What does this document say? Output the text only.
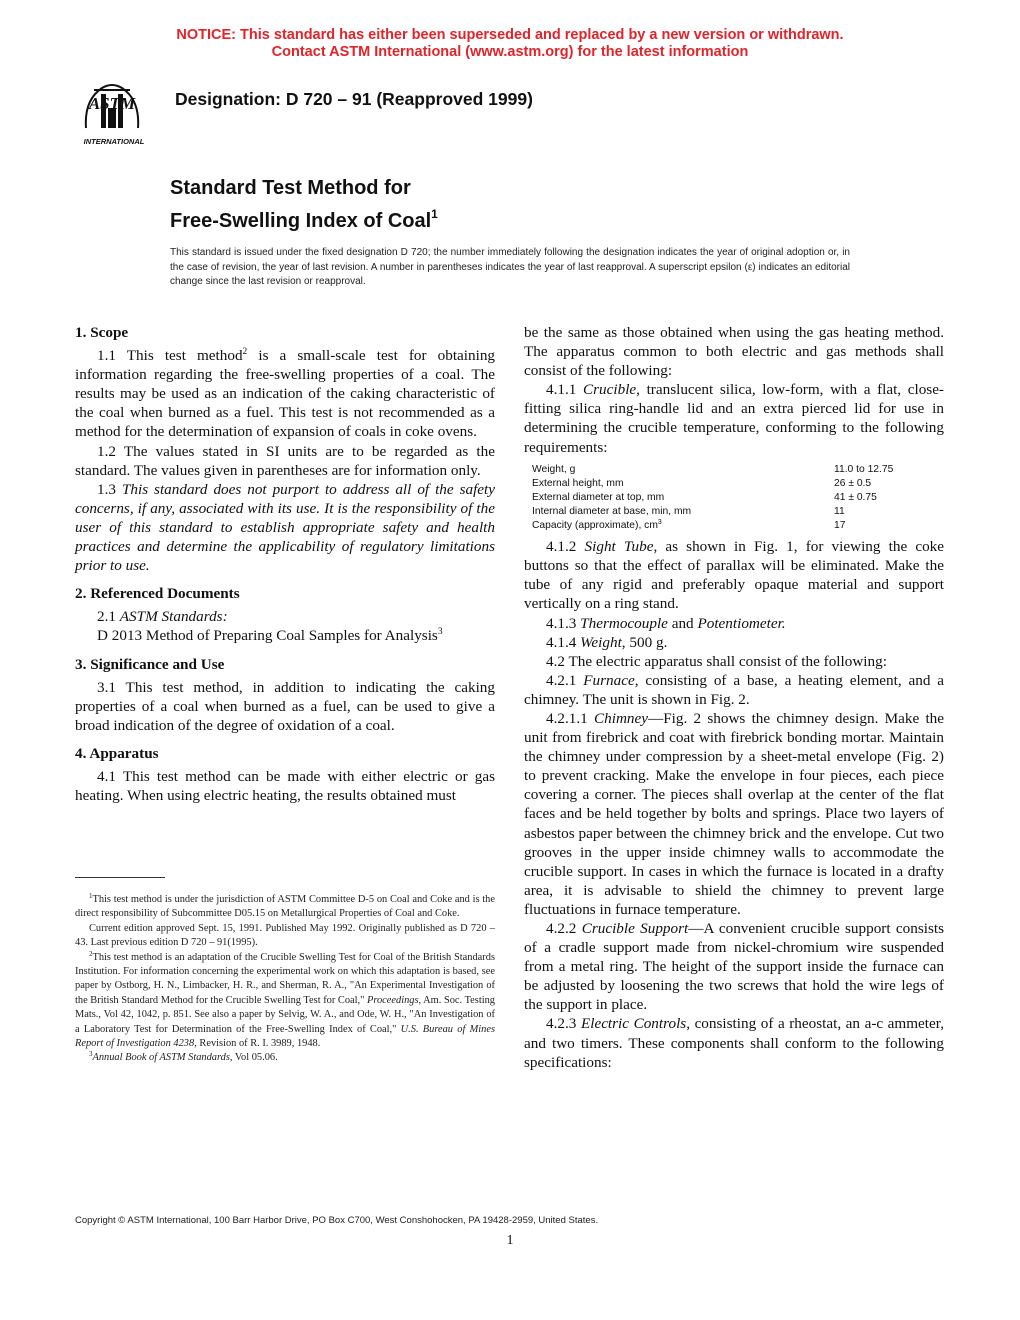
NOTICE: This standard has either been superseded and replaced by a new version or withdrawn.
Contact ASTM International (www.astm.org) for the latest information
ASTM
INTERNATIONAL
Designation: D 720 – 91 (Reapproved 1999)
Standard Test Method for
Free-Swelling Index of Coal$^1$
This standard is issued under the fixed designation D 720; the number immediately following the designation indicates the year of original adoption or, in the case of revision, the year of last revision. A number in parentheses indicates the year of last reapproval. A superscript epsilon (ε) indicates an editorial change since the last revision or reapproval.
1. Scope

1.1 This test method$^2$ is a small-scale test for obtaining information regarding the free-swelling properties of a coal. The results may be used as an indication of the caking characteristic of the coal when burned as a fuel. This test is not recommended as a method for the determination of expansion of coals in coke ovens.

1.2 The values stated in SI units are to be regarded as the standard. The values given in parentheses are for information only.

1.3 This standard does not purport to address all of the safety concerns, if any, associated with its use. It is the responsibility of the user of this standard to establish appropriate safety and health practices and determine the applicability of regulatory limitations prior to use.

2. Referenced Documents

2.1 ASTM Standards:

D 2013 Method of Preparing Coal Samples for Analysis$^3$

3. Significance and Use

3.1 This test method, in addition to indicating the caking properties of a coal when burned as a fuel, can be used to give a broad indication of the degree of oxidation of a coal.

4. Apparatus

4.1 This test method can be made with either electric or gas heating. When using electric heating, the results obtained must

$^1$This test method is under the jurisdiction of ASTM Committee D-5 on Coal and Coke and is the direct responsibility of Subcommittee D05.15 on Metallurgical Properties of Coal and Coke.

Current edition approved Sept. 15, 1991. Published May 1992. Originally published as D 720 – 43. Last previous edition D 720 – 91(1995).

$^2$This test method is an adaptation of the Crucible Swelling Test for Coal of the British Standards Institution. For information concerning the experimental work on which this adaptation is based, see paper by Ostborg, H. N., Limbacker, H. R., and Sherman, R. A., "An Experimental Investigation of the British Standard Method for the Crucible Swelling Test for Coal," Proceedings, Am. Soc. Testing Mats., Vol 42, 1042, p. 851. See also a paper by Selvig, W. A., and Ode, W. H., "An Investigation of a Laboratory Test for Determination of the Free-Swelling Index of Coal," U.S. Bureau of Mines Report of Investigation 4238, Revision of R. I. 3989, 1948.

$^3$Annual Book of ASTM Standards, Vol 05.06.

be the same as those obtained when using the gas heating method. The apparatus common to both electric and gas methods shall consist of the following:

4.1.1 Crucible, translucent silica, low-form, with a flat, close-fitting silica ring-handle lid and an extra pierced lid for use in determining the crucible temperature, conforming to the following requirements:

Weight, g	11.0 to 12.75
External height, mm	26 ± 0.5
External diameter at top, mm	41 ± 0.75
Internal diameter at base, min, mm	11
Capacity (approximate), $cm^3$	17

4.1.2 Sight Tube, as shown in Fig. 1, for viewing the coke buttons so that the effect of parallax will be eliminated. Make the tube of any rigid and preferably opaque material and support vertically on a ring stand.

4.1.3 Thermocouple and Potentiometer.

4.1.4 Weight, 500 g.

4.2 The electric apparatus shall consist of the following:

4.2.1 Furnace, consisting of a base, a heating element, and a chimney. The unit is shown in Fig. 2.

4.2.1.1 Chimney—Fig. 2 shows the chimney design. Make the unit from firebrick and coat with firebrick bonding mortar. Maintain the chimney under compression by a sheet-metal envelope (Fig. 2) to prevent cracking. Make the envelope in four pieces, each piece covering a corner. The pieces shall overlap at the center of the flat faces and be held together by bolts and springs. Place two layers of asbestos paper between the chimney brick and the envelope. Cut two grooves in the upper inside chimney walls to accommodate the crucible support. In cases in which the furnace is located in a drafty area, it is advisable to shield the chimney to prevent large fluctuations in furnace temperature.

4.2.2 Crucible Support—A convenient crucible support consists of a cradle support made from nickel-chromium wire suspended from a metal ring. The height of the support inside the furnace can be adjusted by loosening the two screws that hold the wire legs of the support in place.

4.2.3 Electric Controls, consisting of a rheostat, an a-c ammeter, and two timers. These components shall conform to the following specifications:

Copyright © ASTM International, 100 Barr Harbor Drive, PO Box C700, West Conshohocken, PA 19428-2959, United States.
1
